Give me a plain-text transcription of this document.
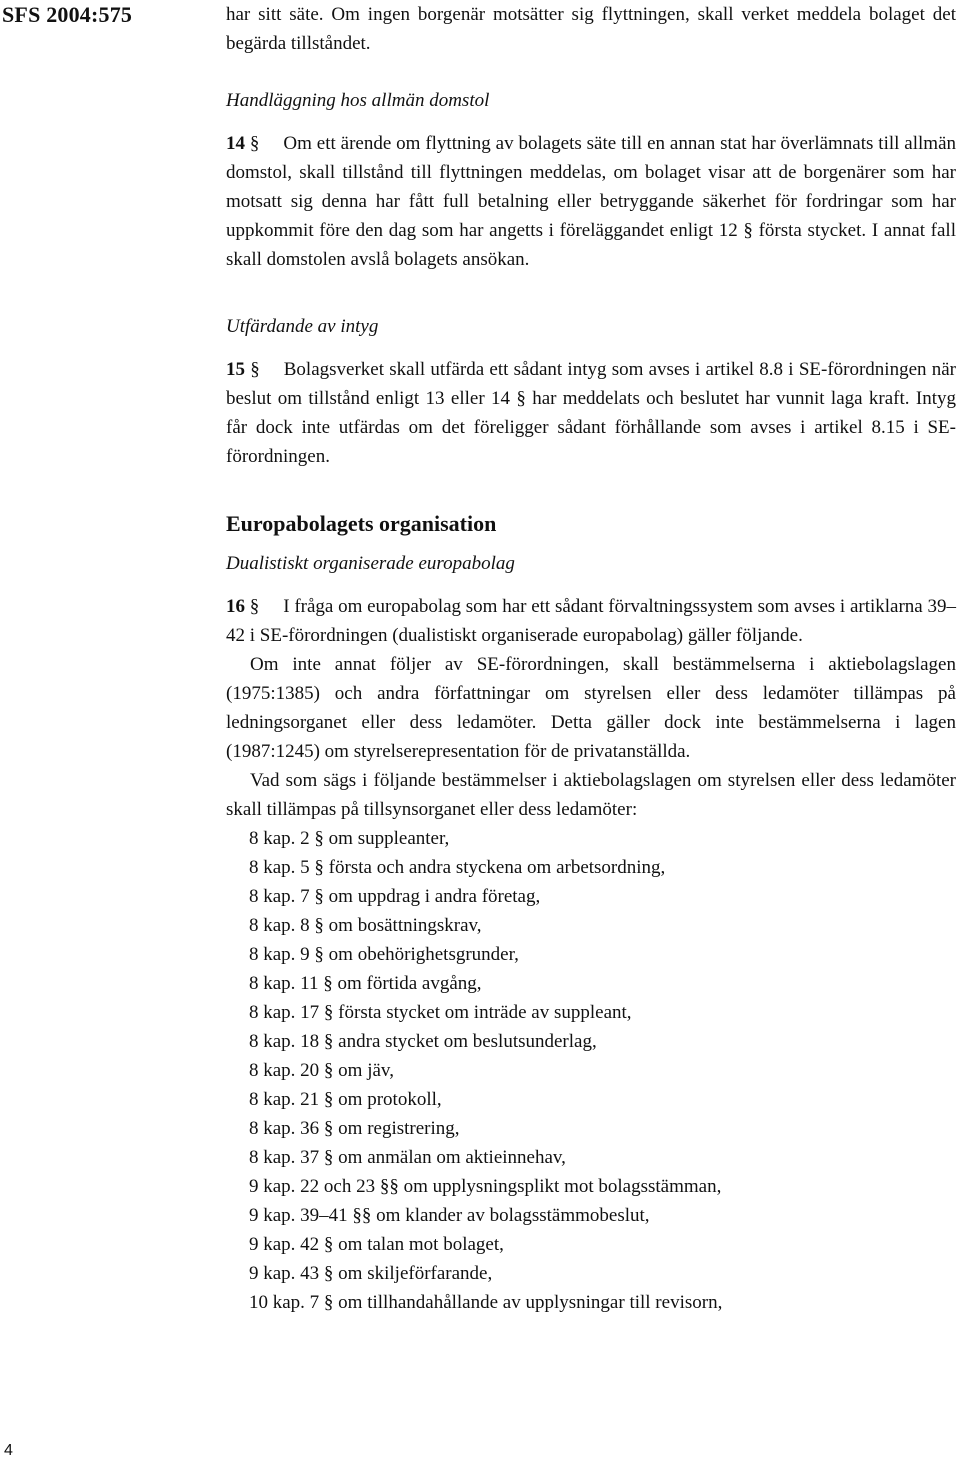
SFS 2004:575	har sitt säte. Om ingen borgenär motsätter sig flyttningen, skall verket meddela bolaget det begärda tillståndet.

Handläggning hos allmän domstol

14 § Om ett ärende om flyttning av bolagets säte till en annan stat har överlämnats till allmän domstol, skall tillstånd till flyttningen meddelas, om bolaget visar att de borgenärer som har motsatt sig denna har fått full betalning eller betryggande säkerhet för fordringar som har uppkommit före den dag som har angetts i föreläggandet enligt 12 § första stycket. I annat fall skall domstolen avslå bolagets ansökan.

Utfärdande av intyg

15 § Bolagsverket skall utfärda ett sådant intyg som avses i artikel 8.8 i SE-förordningen när beslut om tillstånd enligt 13 eller 14 § har meddelats och beslutet har vunnit laga kraft. Intyg får dock inte utfärdas om det föreligger sådant förhållande som avses i artikel 8.15 i SE-förordningen.

Europabolagets organisation

Dualistiskt organiserade europabolag

16 § I fråga om europabolag som har ett sådant förvaltningssystem som avses i artiklarna 39–42 i SE-förordningen (dualistiskt organiserade europabolag) gäller följande.

Om inte annat följer av SE-förordningen, skall bestämmelserna i aktiebolagslagen (1975:1385) och andra författningar om styrelsen eller dess ledamöter tillämpas på ledningsorganet eller dess ledamöter. Detta gäller dock inte bestämmelserna i lagen (1987:1245) om styrelserepresentation för de privatanställda.

Vad som sägs i följande bestämmelser i aktiebolagslagen om styrelsen eller dess ledamöter skall tillämpas på tillsynsorganet eller dess ledamöter:

8 kap. 2 § om suppleanter,
8 kap. 5 § första och andra styckena om arbetsordning,
8 kap. 7 § om uppdrag i andra företag,
8 kap. 8 § om bosättningskrav,
8 kap. 9 § om obehörighetsgrunder,
8 kap. 11 § om förtida avgång,
8 kap. 17 § första stycket om inträde av suppleant,
8 kap. 18 § andra stycket om beslutsunderlag,
8 kap. 20 § om jäv,
8 kap. 21 § om protokoll,
8 kap. 36 § om registrering,
8 kap. 37 § om anmälan om aktieinnehav,
9 kap. 22 och 23 §§ om upplysningsplikt mot bolagsstämman,
9 kap. 39–41 §§ om klander av bolagsstämmobeslut,
9 kap. 42 § om talan mot bolaget,
9 kap. 43 § om skiljeförfarande,
10 kap. 7 § om tillhandahållande av upplysningar till revisorn,
4
